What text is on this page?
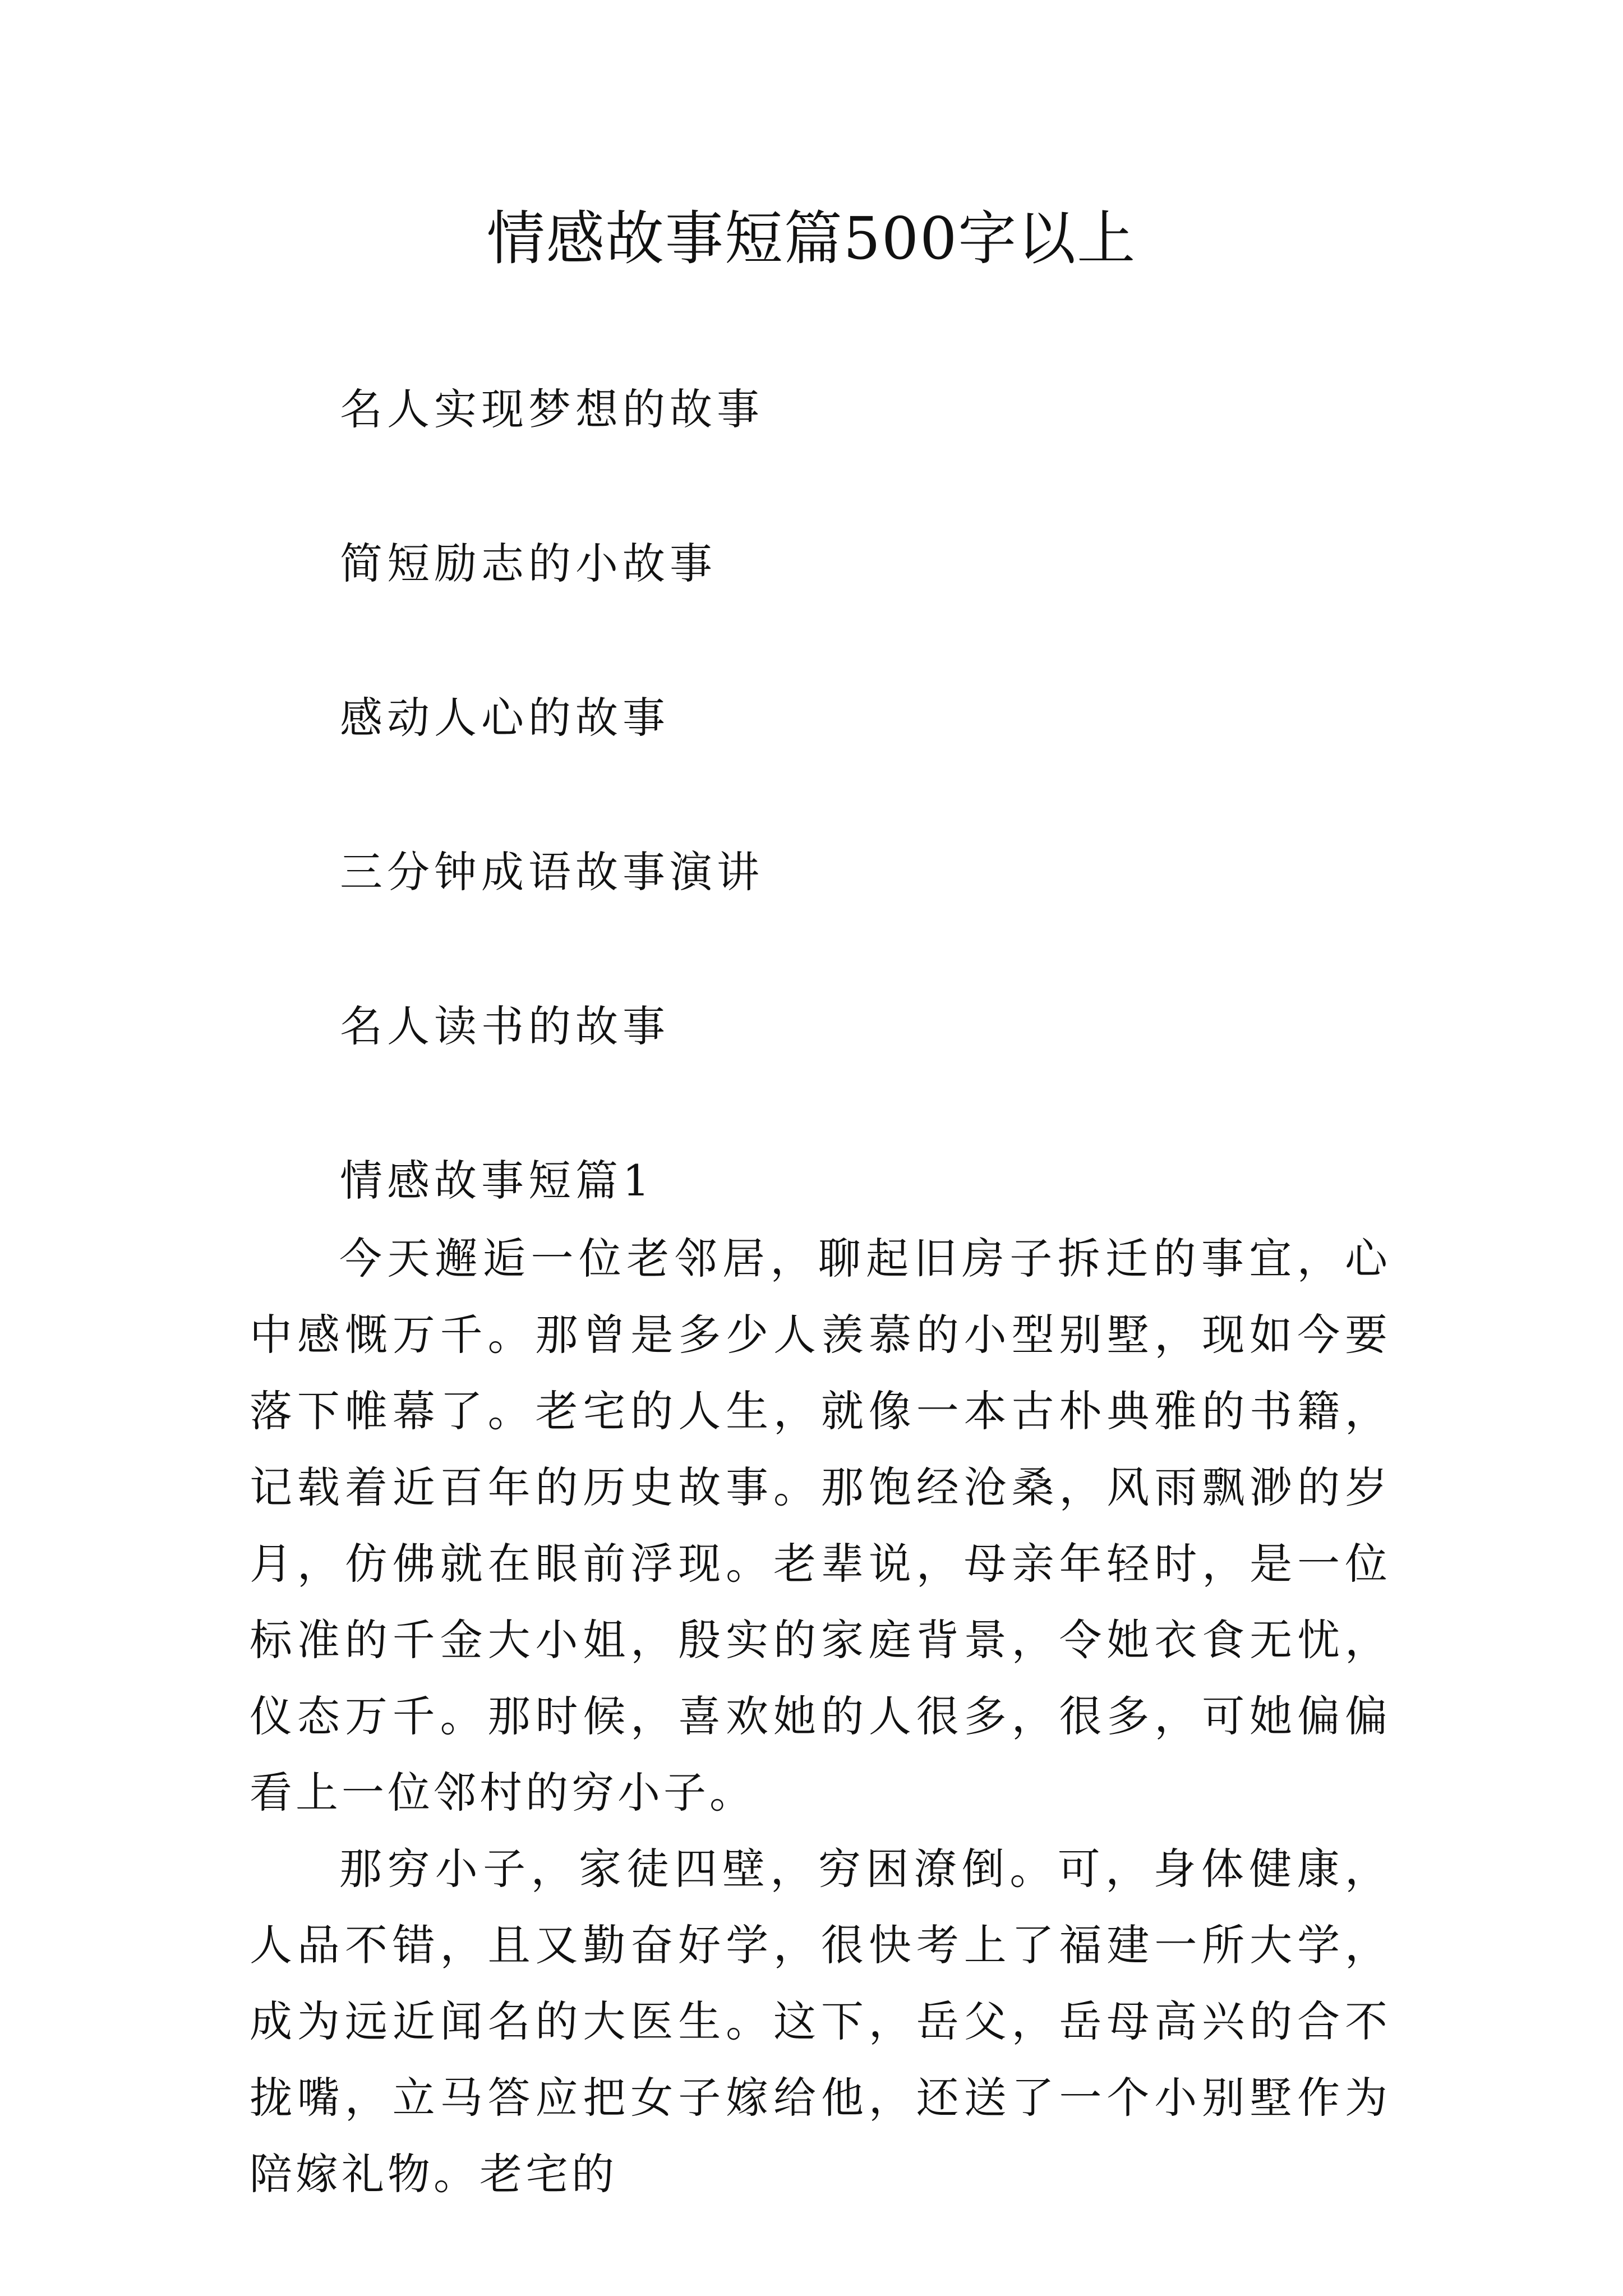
情感故事短篇500字以上

名人实现梦想的故事

简短励志的小故事

感动人心的故事

三分钟成语故事演讲

名人读书的故事

情感故事短篇1

今天邂逅一位老邻居，聊起旧房子拆迁的事宜，心中感慨万千。那曾是多少人羡慕的小型别墅，现如今要落下帷幕了。老宅的人生，就像一本古朴典雅的书籍，记载着近百年的历史故事。那饱经沧桑，风雨飘渺的岁月，仿佛就在眼前浮现。老辈说，母亲年轻时，是一位标准的千金大小姐，殷实的家庭背景，令她衣食无忧，仪态万千。那时候，喜欢她的人很多，很多，可她偏偏看上一位邻村的穷小子。

那穷小子，家徒四壁，穷困潦倒。可，身体健康，人品不错，且又勤奋好学，很快考上了福建一所大学，成为远近闻名的大医生。这下，岳父，岳母高兴的合不拢嘴，立马答应把女子嫁给他，还送了一个小别墅作为陪嫁礼物。老宅的
